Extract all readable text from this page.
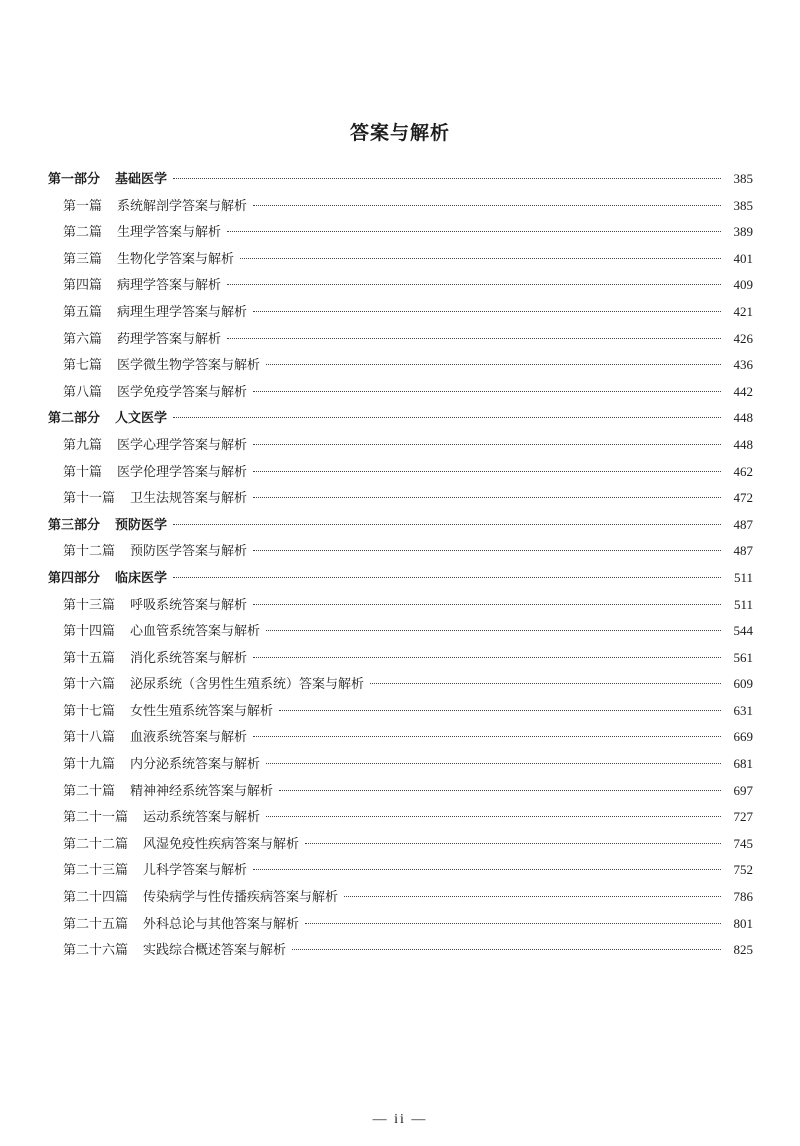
答案与解析
第一部分 基础医学	385
第一篇 系统解剖学答案与解析	385
第二篇 生理学答案与解析	389
第三篇 生物化学答案与解析	401
第四篇 病理学答案与解析	409
第五篇 病理生理学答案与解析	421
第六篇 药理学答案与解析	426
第七篇 医学微生物学答案与解析	436
第八篇 医学免疫学答案与解析	442
第二部分 人文医学	448
第九篇 医学心理学答案与解析	448
第十篇 医学伦理学答案与解析	462
第十一篇 卫生法规答案与解析	472
第三部分 预防医学	487
第十二篇 预防医学答案与解析	487
第四部分 临床医学	511
第十三篇 呼吸系统答案与解析	511
第十四篇 心血管系统答案与解析	544
第十五篇 消化系统答案与解析	561
第十六篇 泌尿系统（含男性生殖系统）答案与解析	609
第十七篇 女性生殖系统答案与解析	631
第十八篇 血液系统答案与解析	669
第十九篇 内分泌系统答案与解析	681
第二十篇 精神神经系统答案与解析	697
第二十一篇 运动系统答案与解析	727
第二十二篇 风湿免疫性疾病答案与解析	745
第二十三篇 儿科学答案与解析	752
第二十四篇 传染病学与性传播疾病答案与解析	786
第二十五篇 外科总论与其他答案与解析	801
第二十六篇 实践综合概述答案与解析	825
— ii —
